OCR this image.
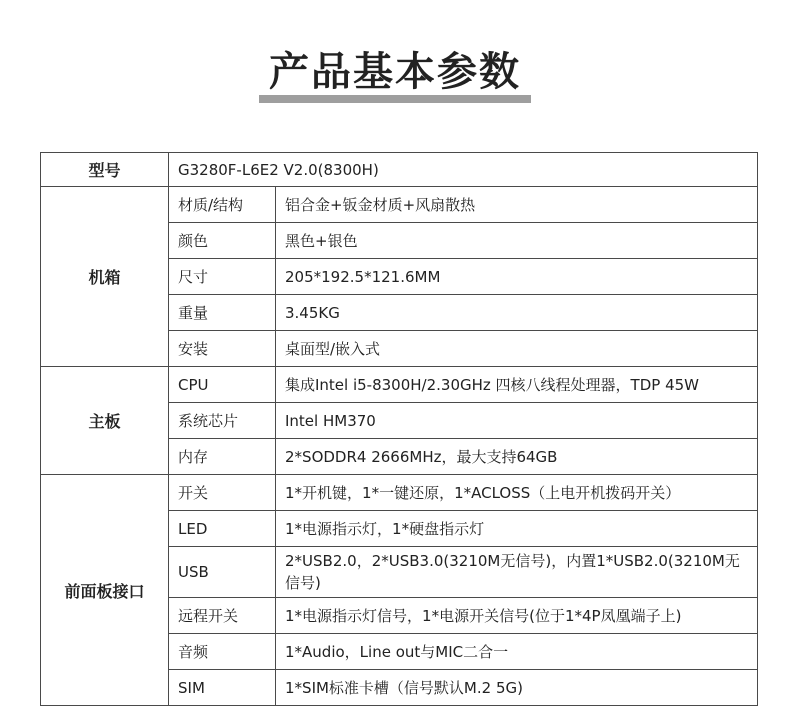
产品基本参数
型号	G3280F-L6E2 V2.0(8300H)	
机箱	材质/结构	铝合金+钣金材质+风扇散热
	颜色	黑色+银色
	尺寸	205*192.5*121.6MM
	重量	3.45KG
	安装	桌面型/嵌入式
主板	CPU	集成Intel i5-8300H/2.30GHz 四核八线程处理器，TDP 45W
	系统芯片	Intel HM370
	内存	2*SODDR4 2666MHz，最大支持64GB
前面板接口	开关	1*开机键，1*一键还原，1*ACLOSS（上电开机拨码开关）
	LED	1*电源指示灯，1*硬盘指示灯
	USB	2*USB2.0，2*USB3.0(3210M无信号)，内置1*USB2.0(3210M无信号)
	远程开关	1*电源指示灯信号，1*电源开关信号(位于1*4P凤凰端子上)
	音频	1*Audio，Line out与MIC二合一
	SIM	1*SIM标准卡槽（信号默认M.2 5G)
